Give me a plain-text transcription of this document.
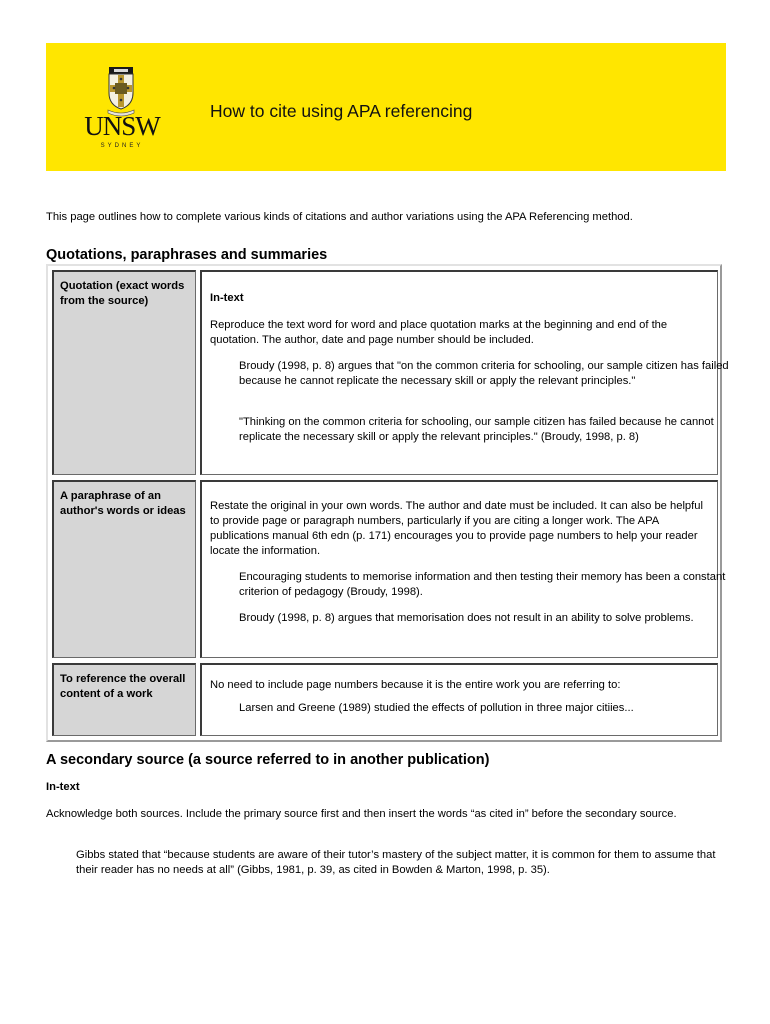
UNSW
SYDNEY
How to cite using APA referencing
This page outlines how to complete various kinds of citations and author variations using the APA Referencing method.
Quotations, paraphrases and summaries
Quotation (exact words from the source)	In-text

Reproduce the text word for word and place quotation marks at the beginning and end of the quotation. The author, date and page number should be included.

Broudy (1998, p. 8) argues that "on the common criteria for schooling, our sample citizen has failed because he cannot replicate the necessary skill or apply the relevant principles."

"Thinking on the common criteria for schooling, our sample citizen has failed because he cannot replicate the necessary skill or apply the relevant principles." (Broudy, 1998, p. 8)

A paraphrase of an author's words or ideas	Restate the original in your own words. The author and date must be included. It can also be helpful to provide page or paragraph numbers, particularly if you are citing a longer work. The APA publications manual 6th edn (p. 171) encourages you to provide page numbers to help your reader locate the information.

Encouraging students to memorise information and then testing their memory has been a constant criterion of pedagogy (Broudy, 1998).

Broudy (1998, p. 8) argues that memorisation does not result in an ability to solve problems.

To reference the overall content of a work

No need to include page numbers because it is the entire work you are referring to:

Larsen and Greene (1989) studied the effects of pollution in three major citiies...

A secondary source (a source referred to in another publication)
In-text
Acknowledge both sources. Include the primary source first and then insert the words “as cited in” before the secondary source.
Gibbs stated that “because students are aware of their tutor’s mastery of the subject matter, it is common for them to assume that their reader has no needs at all” (Gibbs, 1981, p. 39, as cited in Bowden & Marton, 1998, p. 35).
